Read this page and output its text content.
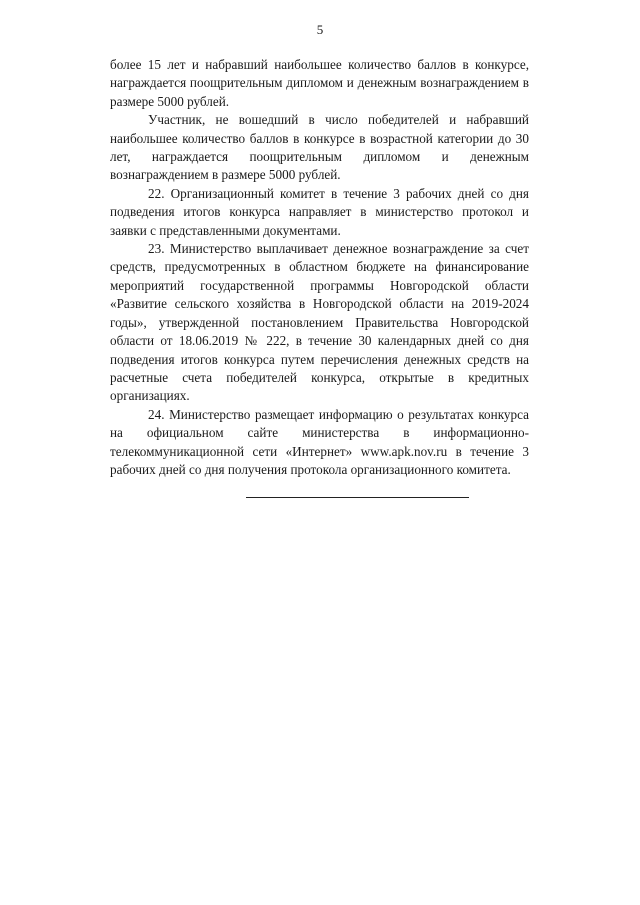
5

более 15 лет и набравший наибольшее количество баллов в конкурсе, награждается поощрительным дипломом и денежным вознаграждением в размере 5000 рублей.

Участник, не вошедший в число победителей и набравший наибольшее количество баллов в конкурсе в возрастной категории до 30 лет, награждается поощрительным дипломом и денежным вознаграждением в размере 5000 рублей.

22. Организационный комитет в течение 3 рабочих дней со дня подведения итогов конкурса направляет в министерство протокол и заявки с представленными документами.

23. Министерство выплачивает денежное вознаграждение за счет средств, предусмотренных в областном бюджете на финансирование мероприятий государственной программы Новгородской области «Развитие сельского хозяйства в Новгородской области на 2019-2024 годы», утвержденной постановлением Правительства Новгородской области от 18.06.2019 № 222, в течение 30 календарных дней со дня подведения итогов конкурса путем перечисления денежных средств на расчетные счета победителей конкурса, открытые в кредитных организациях.

24. Министерство размещает информацию о результатах конкурса на официальном сайте министерства в информационно-телекоммуникационной сети «Интернет» www.apk.nov.ru в течение 3 рабочих дней со дня получения протокола организационного комитета.
